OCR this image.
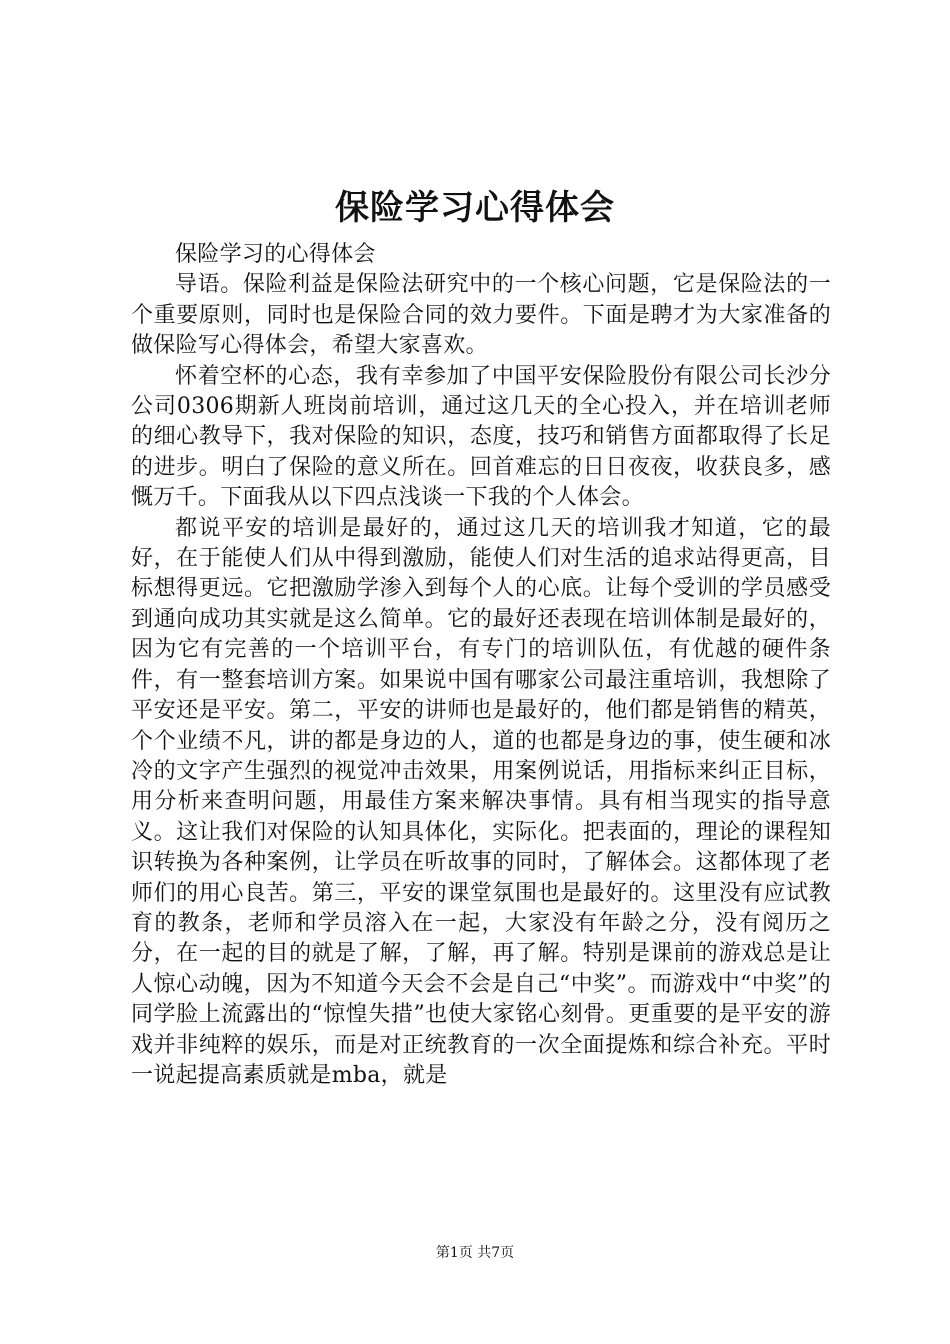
保险学习心得体会

保险学习的心得体会

导语。保险利益是保险法研究中的一个核心问题，它是保险法的一个重要原则，同时也是保险合同的效力要件。下面是聘才为大家准备的做保险写心得体会，希望大家喜欢。

怀着空杯的心态，我有幸参加了中国平安保险股份有限公司长沙分公司0306期新人班岗前培训，通过这几天的全心投入，并在培训老师的细心教导下，我对保险的知识，态度，技巧和销售方面都取得了长足的进步。明白了保险的意义所在。回首难忘的日日夜夜，收获良多，感慨万千。下面我从以下四点浅谈一下我的个人体会。

都说平安的培训是最好的，通过这几天的培训我才知道，它的最好，在于能使人们从中得到激励，能使人们对生活的追求站得更高，目标想得更远。它把激励学渗入到每个人的心底。让每个受训的学员感受到通向成功其实就是这么简单。它的最好还表现在培训体制是最好的，因为它有完善的一个培训平台，有专门的培训队伍，有优越的硬件条件，有一整套培训方案。如果说中国有哪家公司最注重培训，我想除了平安还是平安。第二，平安的讲师也是最好的，他们都是销售的精英，个个业绩不凡，讲的都是身边的人，道的也都是身边的事，使生硬和冰冷的文字产生强烈的视觉冲击效果，用案例说话，用指标来纠正目标，用分析来查明问题，用最佳方案来解决事情。具有相当现实的指导意义。这让我们对保险的认知具体化，实际化。把表面的，理论的课程知识转换为各种案例，让学员在听故事的同时，了解体会。这都体现了老师们的用心良苦。第三，平安的课堂氛围也是最好的。这里没有应试教育的教条，老师和学员溶入在一起，大家没有年龄之分，没有阅历之分，在一起的目的就是了解，了解，再了解。特别是课前的游戏总是让人惊心动魄，因为不知道今天会不会是自己“中奖”。而游戏中“中奖”的同学脸上流露出的“惊惶失措”也使大家铭心刻骨。更重要的是平安的游戏并非纯粹的娱乐，而是对正统教育的一次全面提炼和综合补充。平时一说起提高素质就是mba，就是

第1页 共7页
